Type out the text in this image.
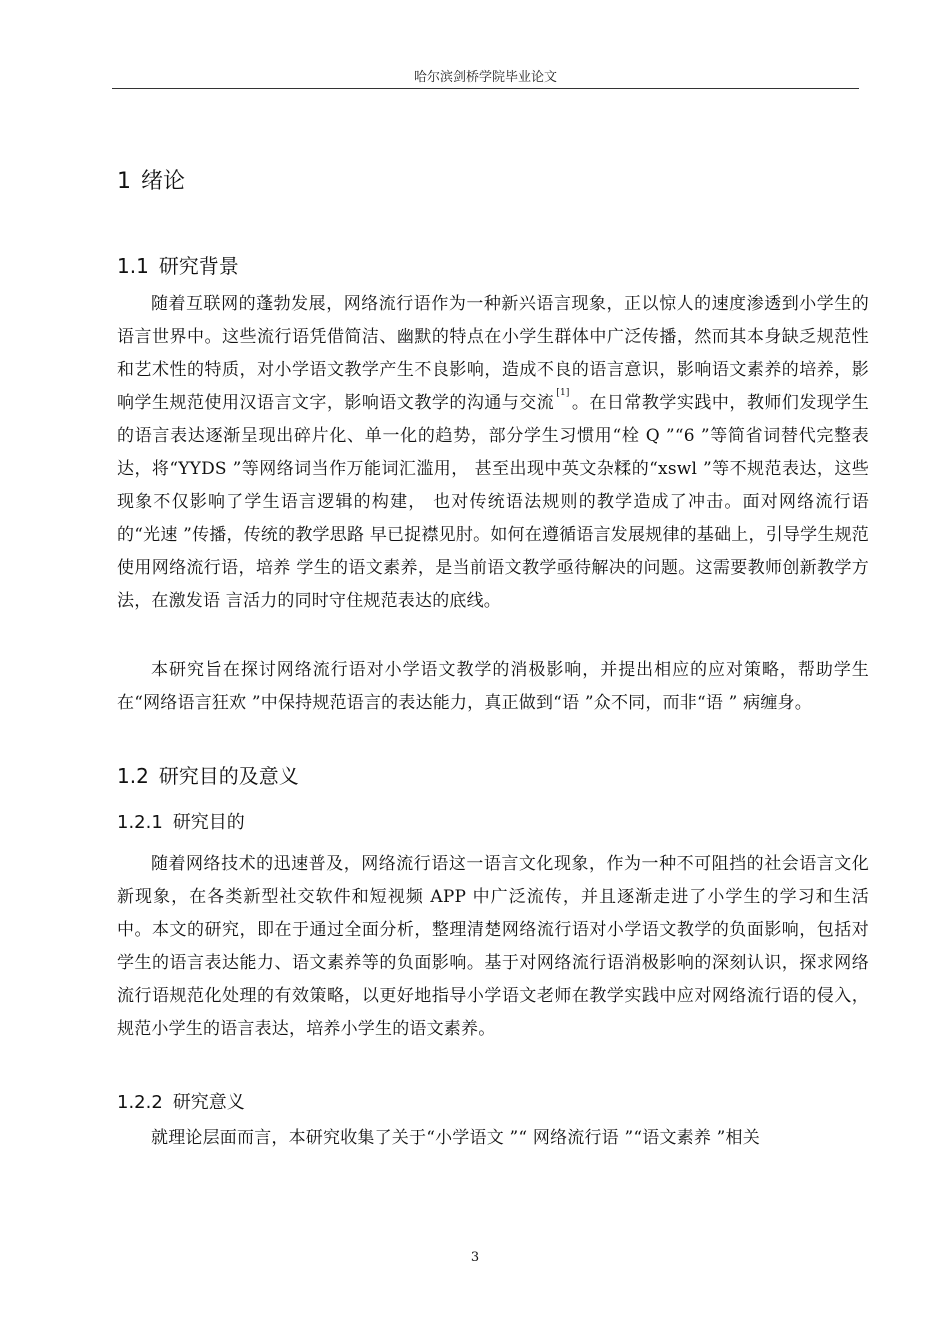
哈尔滨剑桥学院毕业论文
1 绪论
1.1 研究背景
随着互联网的蓬勃发展，网络流行语作为一种新兴语言现象，正以惊人的速度渗透到小学生的语言世界中。这些流行语凭借简洁、幽默的特点在小学生群体中广泛传播，然而其本身缺乏规范性和艺术性的特质，对小学语文教学产生不良影响，造成不良的语言意识，影响语文素养的培养，影响学生规范使用汉语言文字，影响语文教学的沟通与交流 [1] 。在日常教学实践中，教师们发现学生的语言表达逐渐呈现出碎片化、单一化的趋势，部分学生习惯用“栓 Q ”“6 ”等简省词替代完整表达，将“YYDS ”等网络词当作万能词汇滥用， 甚至出现中英文杂糅的“xswl ”等不规范表达，这些现象不仅影响了学生语言逻辑的构建， 也对传统语法规则的教学造成了冲击。面对网络流行语的“光速 ”传播，传统的教学思路 早已捉襟见肘。如何在遵循语言发展规律的基础上，引导学生规范使用网络流行语，培养 学生的语文素养，是当前语文教学亟待解决的问题。这需要教师创新教学方法，在激发语 言活力的同时守住规范表达的底线。
本研究旨在探讨网络流行语对小学语文教学的消极影响，并提出相应的应对策略，帮助学生在“网络语言狂欢 ”中保持规范语言的表达能力，真正做到“语 ”众不同，而非“语 ” 病缠身。
1.2 研究目的及意义
1.2.1 研究目的
随着网络技术的迅速普及，网络流行语这一语言文化现象，作为一种不可阻挡的社会语言文化新现象，在各类新型社交软件和短视频 APP 中广泛流传，并且逐渐走进了小学生的学习和生活中。本文的研究，即在于通过全面分析，整理清楚网络流行语对小学语文教学的负面影响，包括对学生的语言表达能力、语文素养等的负面影响。基于对网络流行语消极影响的深刻认识，探求网络流行语规范化处理的有效策略，以更好地指导小学语文老师在教学实践中应对网络流行语的侵入，规范小学生的语言表达，培养小学生的语文素养。
1.2.2 研究意义
就理论层面而言，本研究收集了关于“小学语文 ”“ 网络流行语 ”“语文素养 ”相关
3
